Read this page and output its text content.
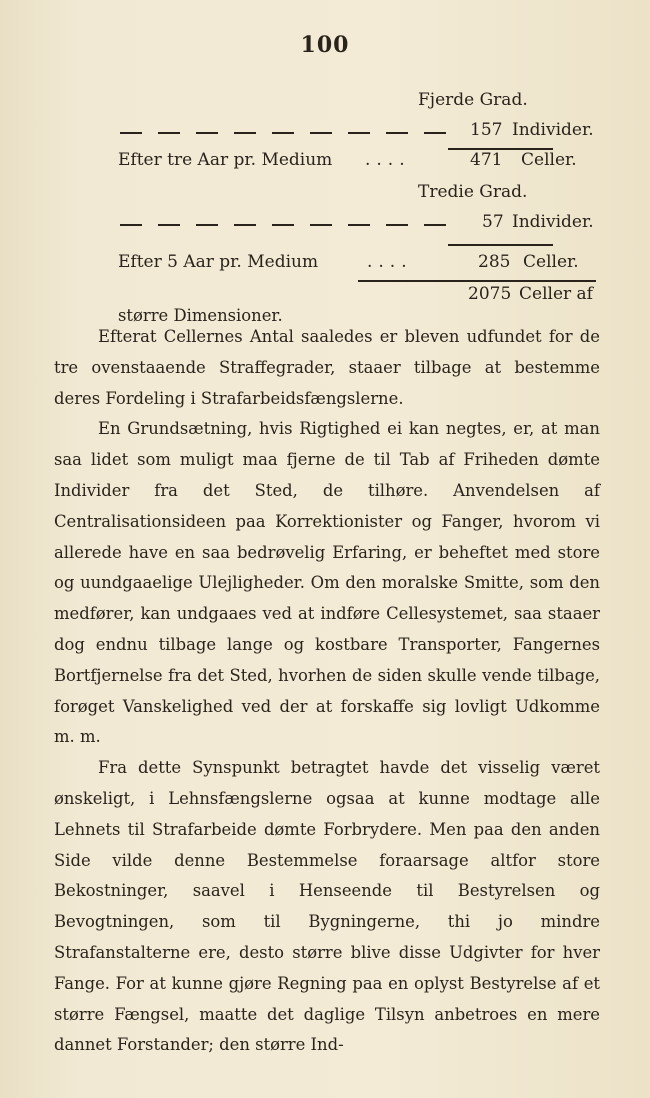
100
Fjerde Grad.
157 Individer.
Efter tre Aar pr. Medium ....	471 Celler.
Tredie Grad.
57 Individer.
Efter 5 Aar pr. Medium	....	285 Celler.
2075 Celler af
større Dimensioner.

Efterat Cellernes Antal saaledes er bleven udfundet for de tre ovenstaaende Straffegrader, staaer tilbage at bestemme deres Fordeling i Strafarbeidsfængslerne.

En Grundsætning, hvis Rigtighed ei kan negtes, er, at man saa lidet som muligt maa fjerne de til Tab af Friheden dømte Individer fra det Sted, de tilhøre. Anvendelsen af Centralisationsideen paa Korrektionister og Fanger, hvorom vi allerede have en saa bedrøvelig Erfaring, er beheftet med store og uundgaaelige Ulejligheder. Om den moralske Smitte, som den medfører, kan undgaaes ved at indføre Cellesystemet, saa staaer dog endnu tilbage lange og kostbare Transporter, Fangernes Bortfjernelse fra det Sted, hvorhen de siden skulle vende tilbage, forøget Vanskelighed ved der at forskaffe sig lovligt Udkomme m. m.

Fra dette Synspunkt betragtet havde det visselig været ønskeligt, i Lehnsfængslerne ogsaa at kunne modtage alle Lehnets til Strafarbeide dømte Forbrydere. Men paa den anden Side vilde denne Bestemmelse foraarsage altfor store Bekostninger, saavel i Henseende til Bestyrelsen og Bevogtningen, som til Bygningerne, thi jo mindre Strafanstalterne ere, desto større blive disse Udgivter for hver Fange. For at kunne gjøre Regning paa en oplyst Bestyrelse af et større Fængsel, maatte det daglige Tilsyn anbetroes en mere dannet Forstander; den større Ind-
